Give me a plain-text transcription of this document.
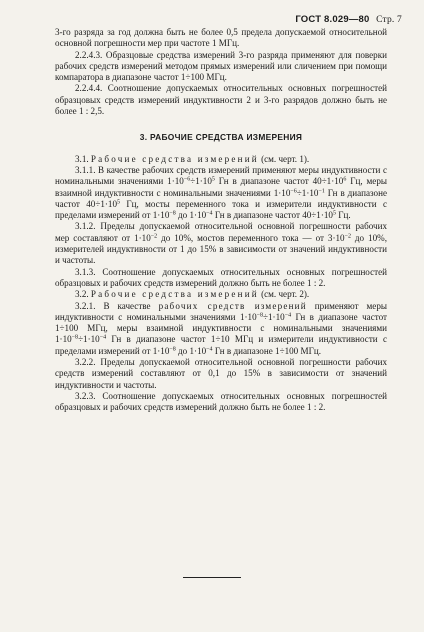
ГОСТ 8.029—80 Стр. 7

3-го разряда за год должна быть не более 0,5 предела допускаемой относительной основной погрешности мер при частоте 1 МГц.

2.2.4.3. Образцовые средства измерений 3-го разряда применяют для поверки рабочих средств измерений методом прямых измерений или сличением при помощи компаратора в диапазоне частот 1÷100 МГц.

2.2.4.4. Соотношение допускаемых относительных основных погрешностей образцовых средств измерений индуктивности 2 и 3-го разрядов должно быть не более 1 : 2,5.

3. РАБОЧИЕ СРЕДСТВА ИЗМЕРЕНИЯ

3.1. Рабочие средства измерений (см. черт. 1).

3.1.1. В качестве рабочих средств измерений применяют меры индуктивности с номинальными значениями $1\cdot 10^{-6}\div 1\cdot 10^5$ Гн в диапазоне частот $40\div 1\cdot 10^6$ Гц, меры взаимной индуктивности с номинальными значениями $1\cdot 10^{-6}\div 1\cdot 10^{-1}$ Гн в диапазоне частот $40\div 1\cdot 10^5$ Гц, мосты переменного тока и измерители индуктивности с пределами измерений от $1\cdot 10^{-8}$ до $1\cdot 10^{-4}$ Гн в диапазоне частот $40\div 1\cdot 10^5$ Гц.

3.1.2. Пределы допускаемой относительной основной погрешности рабочих мер составляют от $1\cdot 10^{-2}$ до 10%, мостов переменного тока — от $3\cdot 10^{-2}$ до 10%, измерителей индуктивности от 1 до 15% в зависимости от значений индуктивности и частоты.

3.1.3. Соотношение допускаемых относительных основных погрешностей образцовых и рабочих средств измерений должно быть не более 1 : 2.

3.2. Рабочие средства измерений (см. черт. 2).

3.2.1. В качестве рабочих средств измерений применяют меры индуктивности с номинальными значениями $1\cdot 10^{-8}\div 1\cdot 10^{-4}$ Гн в диапазоне частот 1÷100 МГц, меры взаимной индуктивности с номинальными значениями $1\cdot 10^{-8}\div 1\cdot 10^{-4}$ Гн в диапазоне частот 1÷10 МГц и измерители индуктивности с пределами измерений от $1\cdot 10^{-8}$ до $1\cdot 10^{-4}$ Гн в диапазоне 1÷100 МГц.

3.2.2. Пределы допускаемой относительной основной погрешности рабочих средств измерений составляют от 0,1 до 15% в зависимости от значений индуктивности и частоты.

3.2.3. Соотношение допускаемых относительных основных погрешностей образцовых и рабочих средств измерений должно быть не более 1 : 2.
